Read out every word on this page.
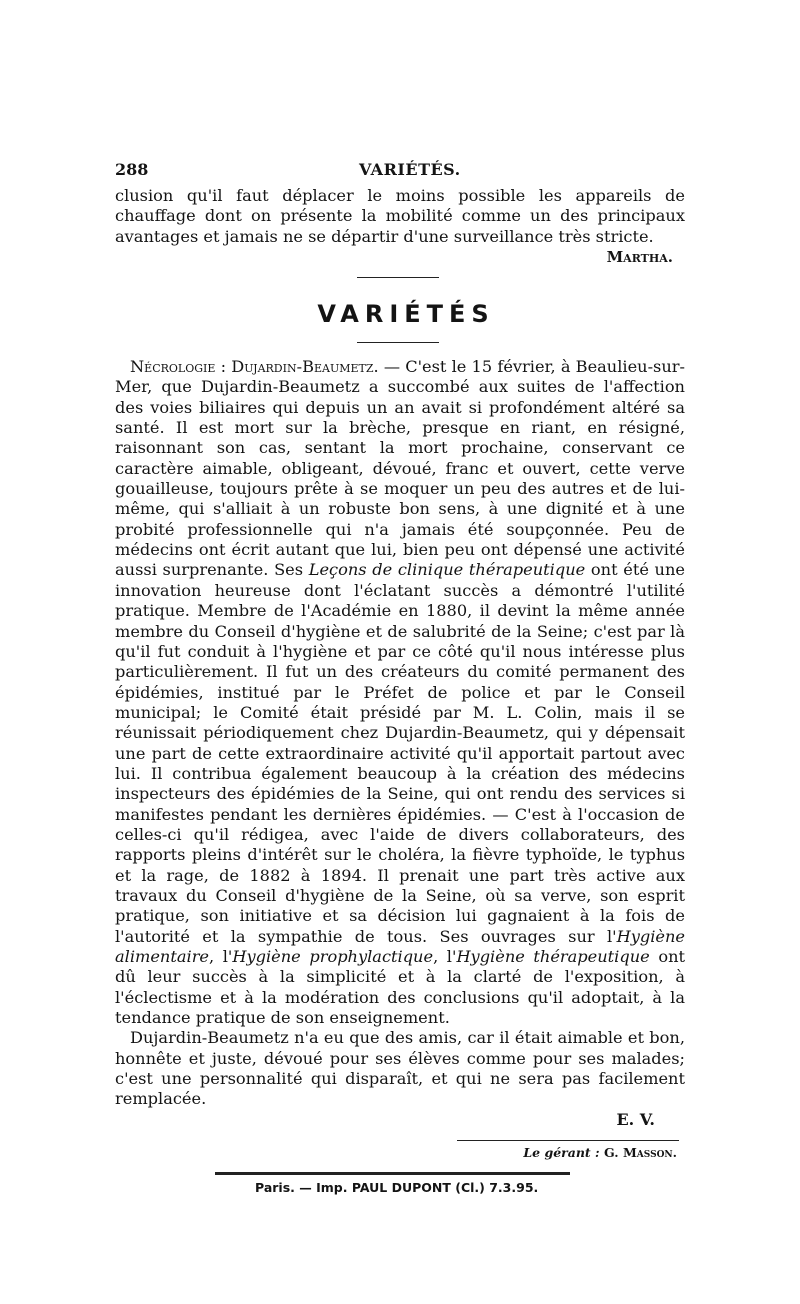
288	VARIÉTÉS.

clusion qu'il faut déplacer le moins possible les appareils de chauffage dont on présente la mobilité comme un des principaux avantages et jamais ne se départir d'une surveillance très stricte.

Martha.
VARIÉTÉS

Nécrologie : Dujardin-Beaumetz. — C'est le 15 février, à Beaulieu-sur-Mer, que Dujardin-Beaumetz a succombé aux suites de l'affection des voies biliaires qui depuis un an avait si profondément altéré sa santé. Il est mort sur la brèche, presque en riant, en résigné, raisonnant son cas, sentant la mort prochaine, conservant ce caractère aimable, obligeant, dévoué, franc et ouvert, cette verve gouailleuse, toujours prête à se moquer un peu des autres et de lui-même, qui s'alliait à un robuste bon sens, à une dignité et à une probité professionnelle qui n'a jamais été soupçonnée. Peu de médecins ont écrit autant que lui, bien peu ont dépensé une activité aussi surprenante. Ses Leçons de clinique thérapeutique ont été une innovation heureuse dont l'éclatant succès a démontré l'utilité pratique. Membre de l'Académie en 1880, il devint la même année membre du Conseil d'hygiène et de salubrité de la Seine; c'est par là qu'il fut conduit à l'hygiène et par ce côté qu'il nous intéresse plus particulièrement. Il fut un des créateurs du comité permanent des épidémies, institué par le Préfet de police et par le Conseil municipal; le Comité était présidé par M. L. Colin, mais il se réunissait périodiquement chez Dujardin-Beaumetz, qui y dépensait une part de cette extraordinaire activité qu'il apportait partout avec lui. Il contribua également beaucoup à la création des médecins inspecteurs des épidémies de la Seine, qui ont rendu des services si manifestes pendant les dernières épidémies. — C'est à l'occasion de celles-ci qu'il rédigea, avec l'aide de divers collaborateurs, des rapports pleins d'intérêt sur le choléra, la fièvre typhoïde, le typhus et la rage, de 1882 à 1894. Il prenait une part très active aux travaux du Conseil d'hygiène de la Seine, où sa verve, son esprit pratique, son initiative et sa décision lui gagnaient à la fois de l'autorité et la sympathie de tous. Ses ouvrages sur l'Hygiène alimentaire, l'Hygiène prophylactique, l'Hygiène thérapeutique ont dû leur succès à la simplicité et à la clarté de l'exposition, à l'éclectisme et à la modération des conclusions qu'il adoptait, à la tendance pratique de son enseignement.

Dujardin-Beaumetz n'a eu que des amis, car il était aimable et bon, honnête et juste, dévoué pour ses élèves comme pour ses malades; c'est une personnalité qui disparaît, et qui ne sera pas facilement remplacée.

E. V.
Le gérant : G. Masson.
Paris. — Imp. PAUL DUPONT (Cl.) 7.3.95.
